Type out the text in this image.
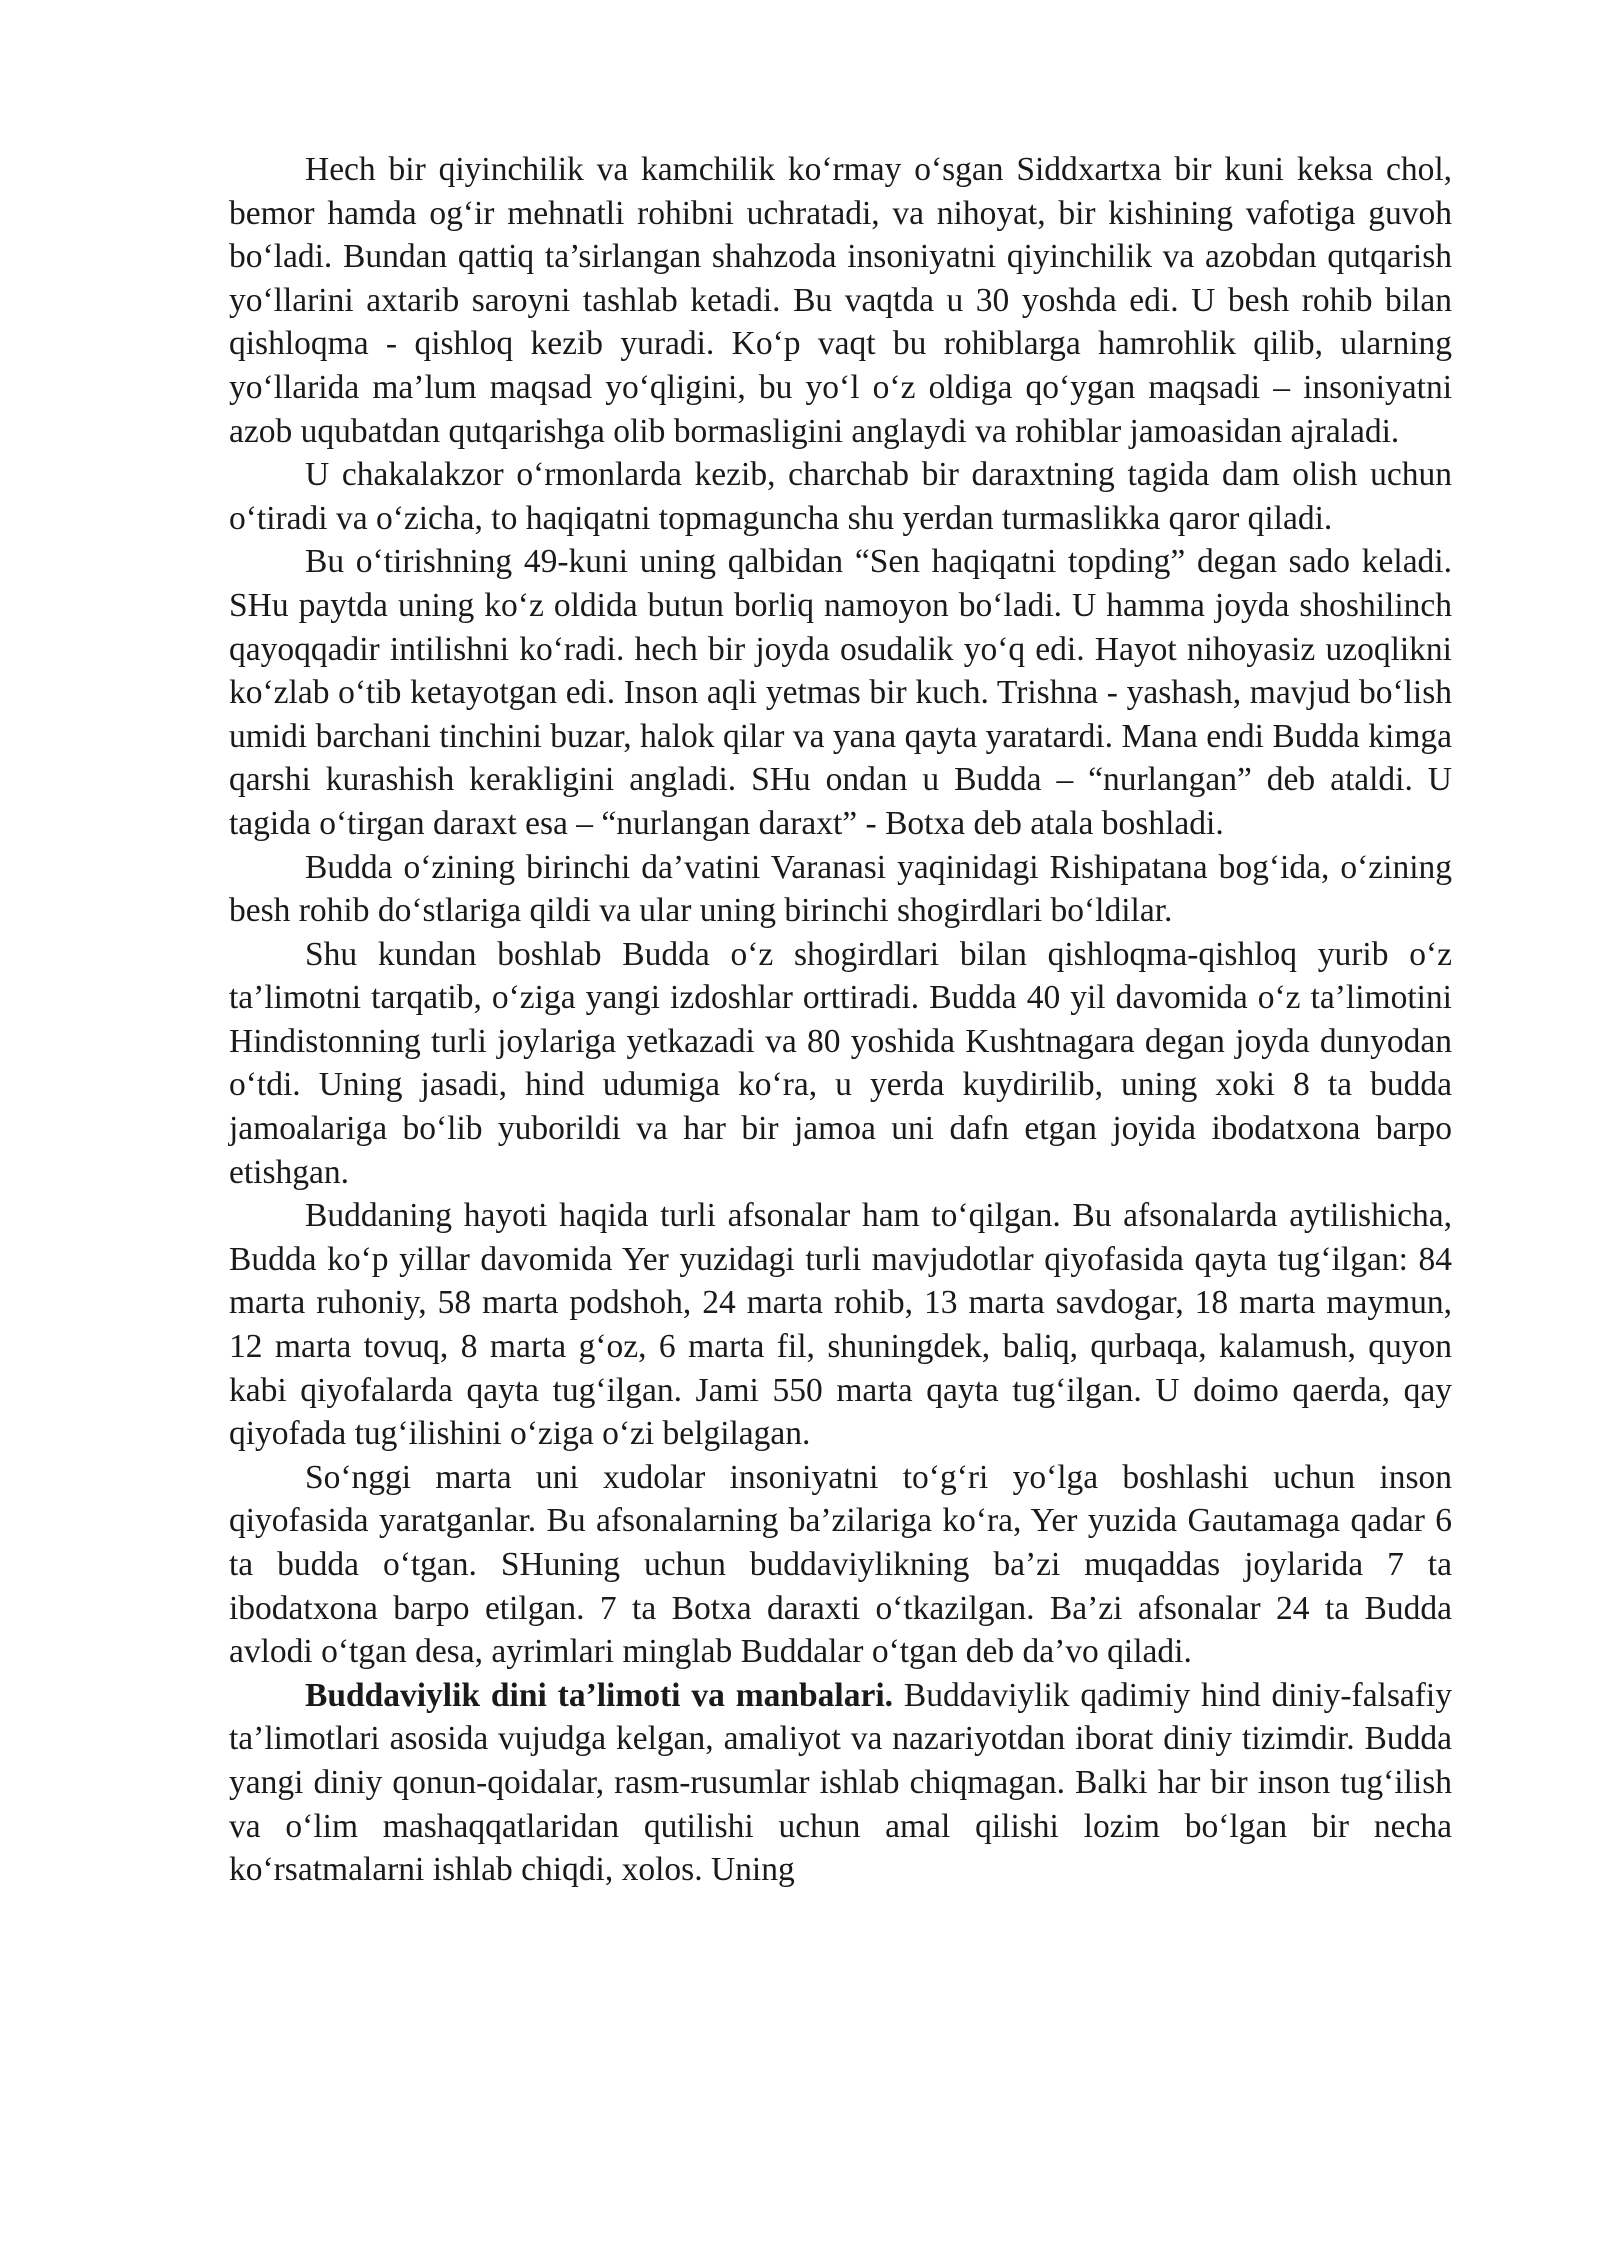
Hech bir qiyinchilik va kamchilik ko‘rmay o‘sgan Siddxartxa bir kuni keksa chol, bemor hamda og‘ir mehnatli rohibni uchratadi, va nihoyat, bir kishining vafotiga guvoh bo‘ladi. Bundan qattiq ta’sirlangan shahzoda insoniyatni qiyinchilik va azobdan qutqarish yo‘llarini axtarib saroyni tashlab ketadi. Bu vaqtda u 30 yoshda edi. U besh rohib bilan qishloqma - qishloq kezib yuradi. Ko‘p vaqt bu rohiblarga hamrohlik qilib, ularning yo‘llarida ma’lum maqsad yo‘qligini, bu yo‘l o‘z oldiga qo‘ygan maqsadi – insoniyatni azob uqubatdan qutqarishga olib bormasligini anglaydi va rohiblar jamoasidan ajraladi.

U chakalakzor o‘rmonlarda kezib, charchab bir daraxtning tagida dam olish uchun o‘tiradi va o‘zicha, to haqiqatni topmaguncha shu yerdan turmaslikka qaror qiladi.

Bu o‘tirishning 49-kuni uning qalbidan “Sen haqiqatni topding” degan sado keladi. SHu paytda uning ko‘z oldida butun borliq namoyon bo‘ladi. U hamma joyda shoshilinch qayoqqadir intilishni ko‘radi. hech bir joyda osudalik yo‘q edi. Hayot nihoyasiz uzoqlikni ko‘zlab o‘tib ketayotgan edi. Inson aqli yetmas bir kuch. Trishna - yashash, mavjud bo‘lish umidi barchani tinchini buzar, halok qilar va yana qayta yaratardi. Mana endi Budda kimga qarshi kurashish kerakligini angladi. SHu ondan u Budda – “nurlangan” deb ataldi. U tagida o‘tirgan daraxt esa – “nurlangan daraxt” - Botxa deb atala boshladi.

Budda o‘zining birinchi da’vatini Varanasi yaqinidagi Rishipatana bog‘ida, o‘zining besh rohib do‘stlariga qildi va ular uning birinchi shogirdlari bo‘ldilar.

Shu kundan boshlab Budda o‘z shogirdlari bilan qishloqma-qishloq yurib o‘z ta’limotni tarqatib, o‘ziga yangi izdoshlar orttiradi. Budda 40 yil davomida o‘z ta’limotini Hindistonning turli joylariga yetkazadi va 80 yoshida Kushtnagara degan joyda dunyodan o‘tdi. Uning jasadi, hind udumiga ko‘ra, u yerda kuydirilib, uning xoki 8 ta budda jamoalariga bo‘lib yuborildi va har bir jamoa uni dafn etgan joyida ibodatxona barpo etishgan.

Buddaning hayoti haqida turli afsonalar ham to‘qilgan. Bu afsonalarda aytilishicha, Budda ko‘p yillar davomida Yer yuzidagi turli mavjudotlar qiyofasida qayta tug‘ilgan: 84 marta ruhoniy, 58 marta podshoh, 24 marta rohib, 13 marta savdogar, 18 marta maymun, 12 marta tovuq, 8 marta g‘oz, 6 marta fil, shuningdek, baliq, qurbaqa, kalamush, quyon kabi qiyofalarda qayta tug‘ilgan. Jami 550 marta qayta tug‘ilgan. U doimo qaerda, qay qiyofada tug‘ilishini o‘ziga o‘zi belgilagan.

So‘nggi marta uni xudolar insoniyatni to‘g‘ri yo‘lga boshlashi uchun inson qiyofasida yaratganlar. Bu afsonalarning ba’zilariga ko‘ra, Yer yuzida Gautamaga qadar 6 ta budda o‘tgan. SHuning uchun buddaviylikning ba’zi muqaddas joylarida 7 ta ibodatxona barpo etilgan. 7 ta Botxa daraxti o‘tkazilgan. Ba’zi afsonalar 24 ta Budda avlodi o‘tgan desa, ayrimlari minglab Buddalar o‘tgan deb da’vo qiladi.

Buddaviylik dini ta’limoti va manbalari. Buddaviylik qadimiy hind diniy-falsafiy ta’limotlari asosida vujudga kelgan, amaliyot va nazariyotdan iborat diniy tizimdir. Budda yangi diniy qonun-qoidalar, rasm-rusumlar ishlab chiqmagan. Balki har bir inson tug‘ilish va o‘lim mashaqqatlaridan qutilishi uchun amal qilishi lozim bo‘lgan bir necha ko‘rsatmalarni ishlab chiqdi, xolos. Uning
